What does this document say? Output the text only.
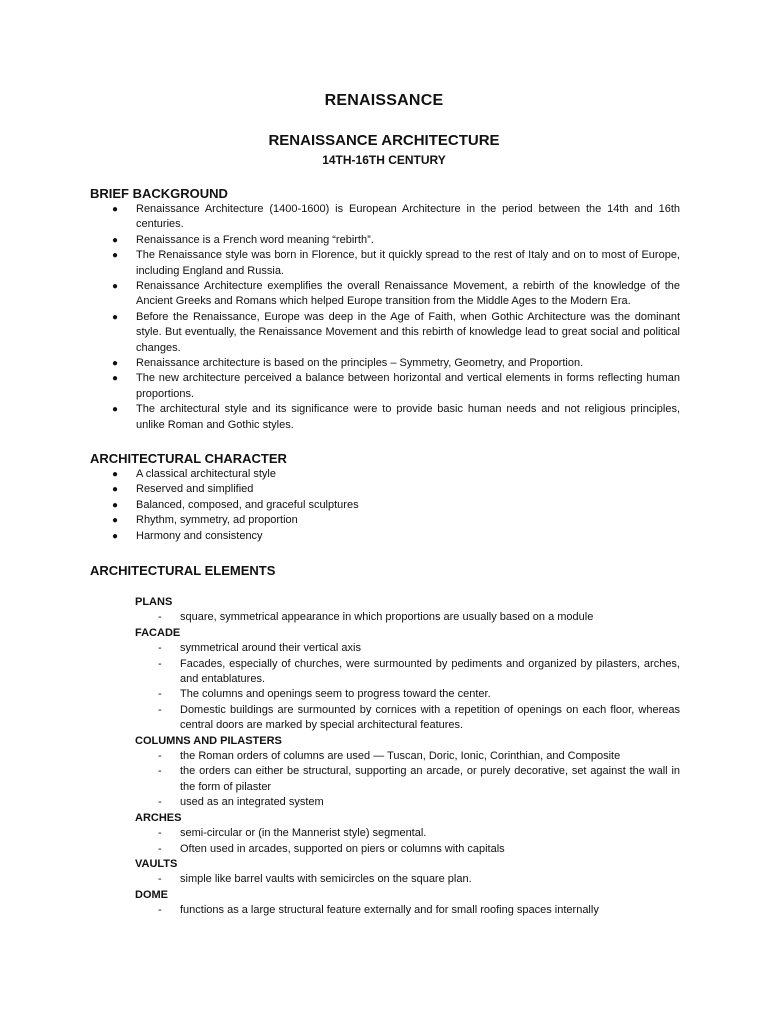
RENAISSANCE
RENAISSANCE ARCHITECTURE
14TH-16TH CENTURY
BRIEF BACKGROUND
● Renaissance Architecture (1400-1600) is European Architecture in the period between the 14th and 16th centuries.
● Renaissance is a French word meaning “rebirth”.
● The Renaissance style was born in Florence, but it quickly spread to the rest of Italy and on to most of Europe, including England and Russia.
● Renaissance Architecture exemplifies the overall Renaissance Movement, a rebirth of the knowledge of the Ancient Greeks and Romans which helped Europe transition from the Middle Ages to the Modern Era.
● Before the Renaissance, Europe was deep in the Age of Faith, when Gothic Architecture was the dominant style. But eventually, the Renaissance Movement and this rebirth of knowledge lead to great social and political changes.
● Renaissance architecture is based on the principles – Symmetry, Geometry, and Proportion.
● The new architecture perceived a balance between horizontal and vertical elements in forms reflecting human proportions.
● The architectural style and its significance were to provide basic human needs and not religious principles, unlike Roman and Gothic styles.
ARCHITECTURAL CHARACTER
● A classical architectural style
● Reserved and simplified
● Balanced, composed, and graceful sculptures
● Rhythm, symmetry, ad proportion
● Harmony and consistency
ARCHITECTURAL ELEMENTS
PLANS
- square, symmetrical appearance in which proportions are usually based on a module
FACADE
- symmetrical around their vertical axis
- Facades, especially of churches, were surmounted by pediments and organized by pilasters, arches, and entablatures.
- The columns and openings seem to progress toward the center.
- Domestic buildings are surmounted by cornices with a repetition of openings on each floor, whereas central doors are marked by special architectural features.
COLUMNS AND PILASTERS
- the Roman orders of columns are used — Tuscan, Doric, Ionic, Corinthian, and Composite
- the orders can either be structural, supporting an arcade, or purely decorative, set against the wall in the form of pilaster
- used as an integrated system
ARCHES
- semi-circular or (in the Mannerist style) segmental.
- Often used in arcades, supported on piers or columns with capitals
VAULTS
- simple like barrel vaults with semicircles on the square plan.
DOME
- functions as a large structural feature externally and for small roofing spaces internally
